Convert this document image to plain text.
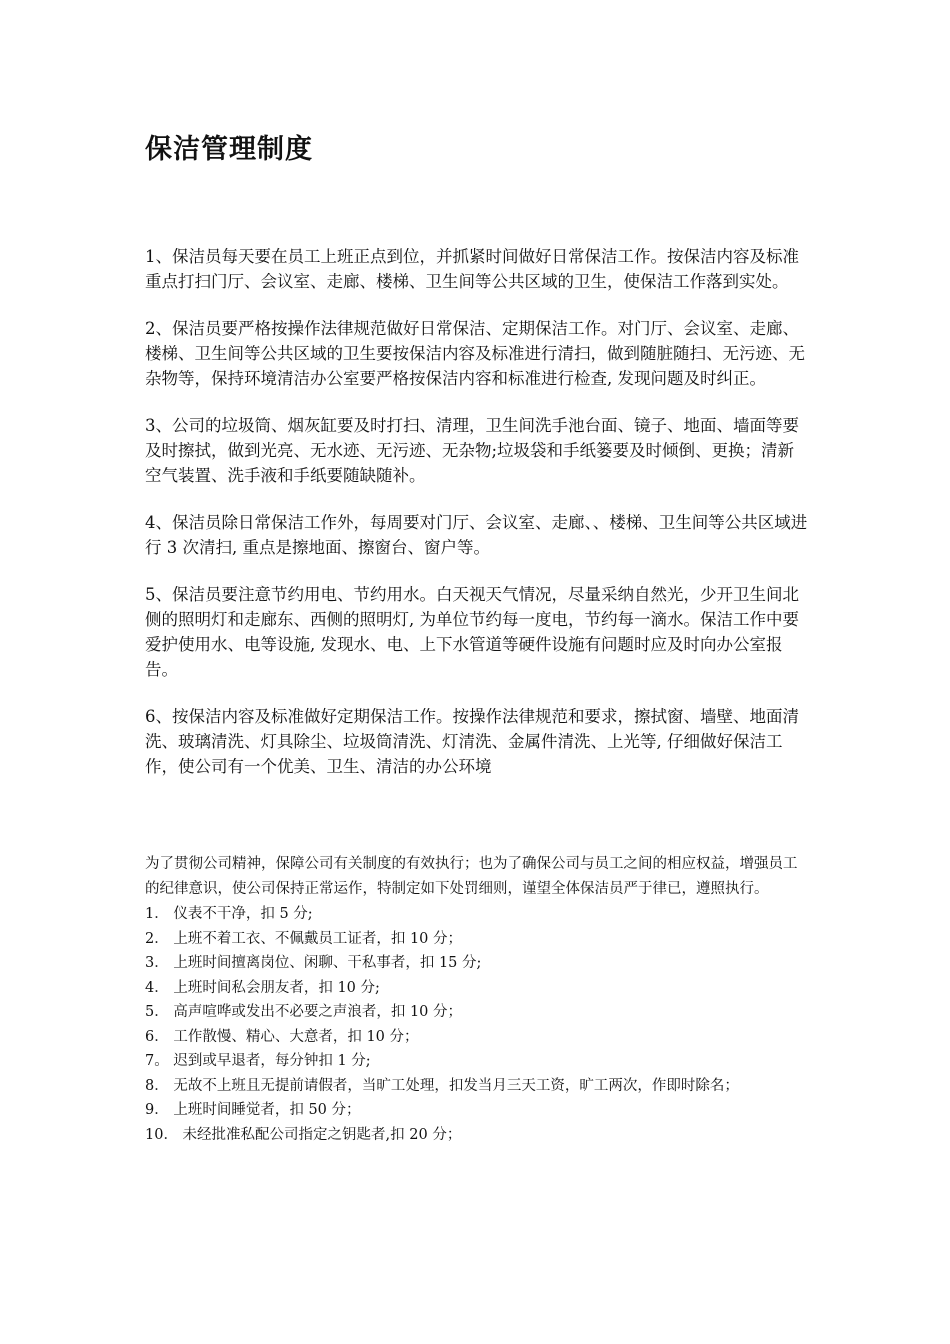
保洁管理制度

1、保洁员每天要在员工上班正点到位，并抓紧时间做好日常保洁工作。按保洁内容及标准重点打扫门厅、会议室、走廊、楼梯、卫生间等公共区域的卫生，使保洁工作落到实处。

2、保洁员要严格按操作法律规范做好日常保洁、定期保洁工作。对门厅、会议室、走廊、楼梯、卫生间等公共区域的卫生要按保洁内容及标准进行清扫，做到随脏随扫、无污迹、无杂物等，保持环境清洁办公室要严格按保洁内容和标准进行检查, 发现问题及时纠正。

3、公司的垃圾筒、烟灰缸要及时打扫、清理，卫生间洗手池台面、镜子、地面、墙面等要及时擦拭，做到光亮、无水迹、无污迹、无杂物;垃圾袋和手纸篓要及时倾倒、更换；清新空气装置、洗手液和手纸要随缺随补。

4、保洁员除日常保洁工作外，每周要对门厅、会议室、走廊、、楼梯、卫生间等公共区域进行 3 次清扫, 重点是擦地面、擦窗台、窗户等。

5、保洁员要注意节约用电、节约用水。白天视天气情况，尽量采纳自然光，少开卫生间北侧的照明灯和走廊东、西侧的照明灯, 为单位节约每一度电，节约每一滴水。保洁工作中要爱护使用水、电等设施, 发现水、电、上下水管道等硬件设施有问题时应及时向办公室报告。

6、按保洁内容及标准做好定期保洁工作。按操作法律规范和要求，擦拭窗、墙壁、地面清洗、玻璃清洗、灯具除尘、垃圾筒清洗、灯清洗、金属件清洗、上光等, 仔细做好保洁工作，使公司有一个优美、卫生、清洁的办公环境

为了贯彻公司精神，保障公司有关制度的有效执行；也为了确保公司与员工之间的相应权益，增强员工的纪律意识，使公司保持正常运作，特制定如下处罚细则，谨望全体保洁员严于律已，遵照执行。

1． 仪表不干净，扣 5 分;
2． 上班不着工衣、不佩戴员工证者，扣 10 分；
3． 上班时间擅离岗位、闲聊、干私事者，扣 15 分;
4． 上班时间私会朋友者，扣 10 分;
5． 高声喧哗或发出不必要之声浪者，扣 10 分；
6． 工作散慢、精心、大意者，扣 10 分；
7。 迟到或早退者，每分钟扣 1 分;
8． 无故不上班且无提前请假者，当旷工处理，扣发当月三天工资，旷工两次，作即时除名；
9． 上班时间睡觉者，扣 50 分；
10． 未经批准私配公司指定之钥匙者,扣 20 分；
